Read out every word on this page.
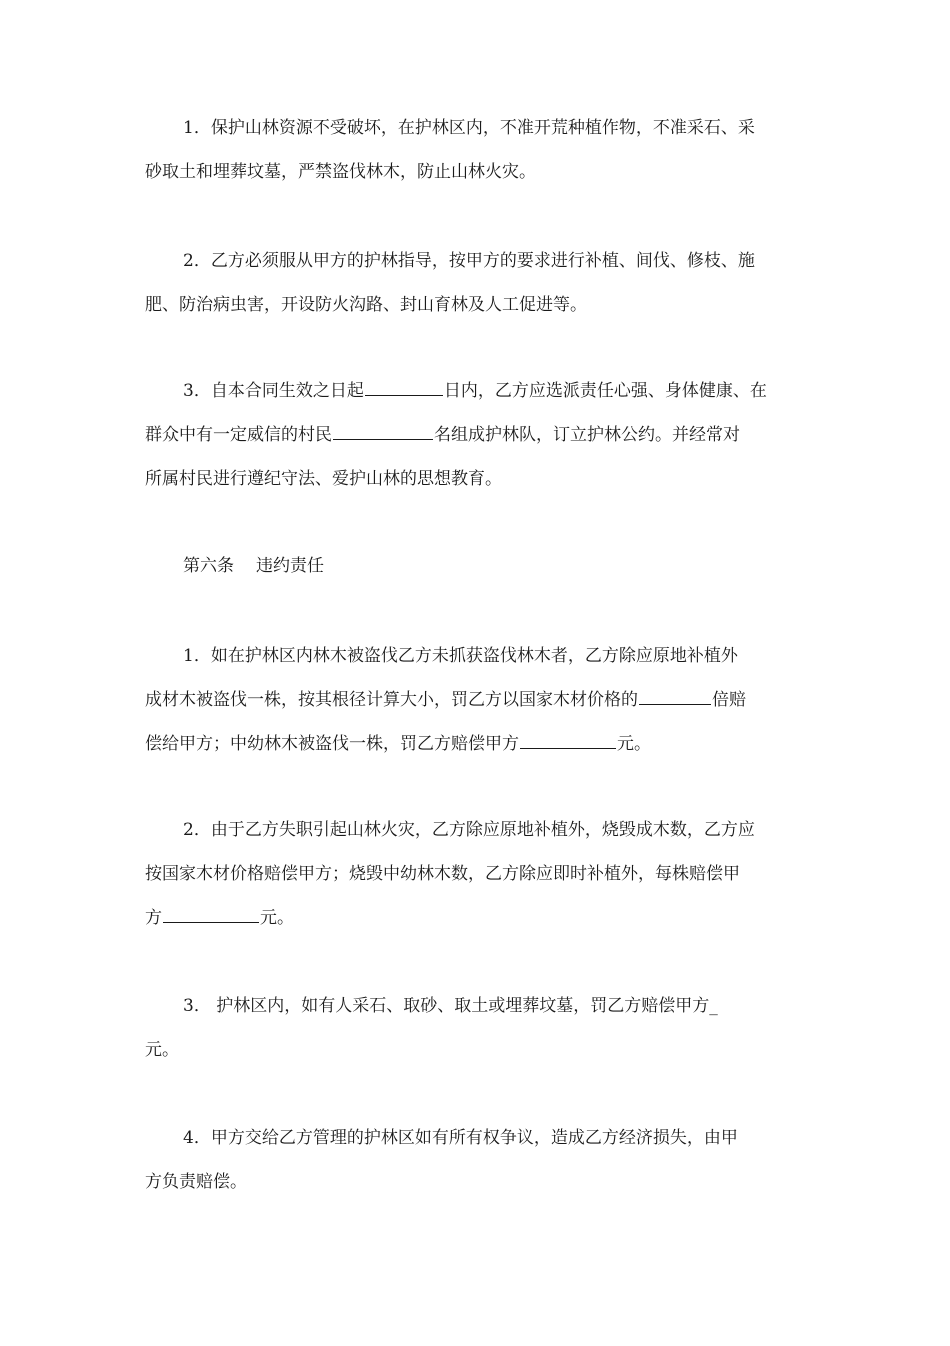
1．保护山林资源不受破坏，在护林区内，不准开荒种植作物，不准采石、采
砂取土和埋葬坟墓，严禁盗伐林木，防止山林火灾。
2．乙方必须服从甲方的护林指导，按甲方的要求进行补植、间伐、修枝、施
肥、防治病虫害，开设防火沟路、封山育林及人工促进等。
3．自本合同生效之日起	日内，乙方应选派责任心强、身体健康、在
群众中有一定威信的村民	名组成护林队，订立护林公约。并经常对
所属村民进行遵纪守法、爱护山林的思想教育。
第六条 违约责任
1．如在护林区内林木被盗伐乙方未抓获盗伐林木者，乙方除应原地补植外
成材木被盗伐一株，按其根径计算大小，罚乙方以国家木材价格的	倍赔
偿给甲方；中幼林木被盗伐一株，罚乙方赔偿甲方	元。
2．由于乙方失职引起山林火灾，乙方除应原地补植外，烧毁成木数，乙方应
按国家木材价格赔偿甲方；烧毁中幼林木数，乙方除应即时补植外，每株赔偿甲
方	元。
3． 护林区内，如有人采石、取砂、取土或埋葬坟墓，罚乙方赔偿甲方_
元。
4．甲方交给乙方管理的护林区如有所有权争议，造成乙方经济损失，由甲
方负责赔偿。
